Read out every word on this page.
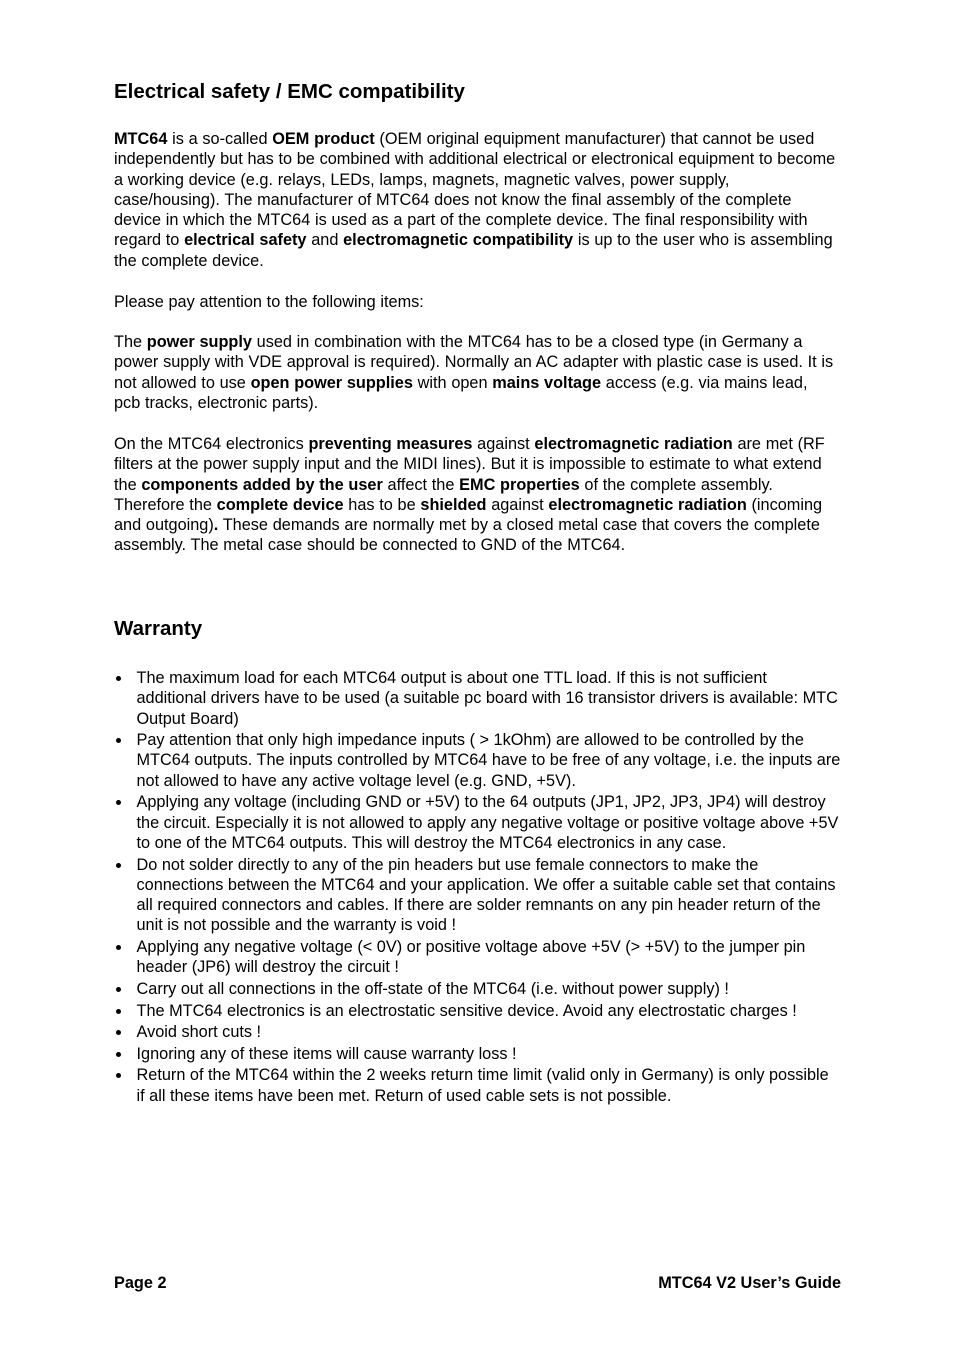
Electrical safety / EMC compatibility

MTC64 is a so-called OEM product (OEM original equipment manufacturer) that cannot be used independently but has to be combined with additional electrical or electronical equipment to become a working device (e.g. relays, LEDs, lamps, magnets, magnetic valves, power supply, case/housing). The manufacturer of MTC64 does not know the final assembly of the complete device in which the MTC64 is used as a part of the complete device. The final responsibility with regard to electrical safety and electromagnetic compatibility is up to the user who is assembling the complete device.

Please pay attention to the following items:

The power supply used in combination with the MTC64 has to be a closed type (in Germany a power supply with VDE approval is required). Normally an AC adapter with plastic case is used. It is not allowed to use open power supplies with open mains voltage access (e.g. via mains lead, pcb tracks, electronic parts).

On the MTC64 electronics preventing measures against electromagnetic radiation are met (RF filters at the power supply input and the MIDI lines). But it is impossible to estimate to what extend the components added by the user affect the EMC properties of the complete assembly. Therefore the complete device has to be shielded against electromagnetic radiation (incoming and outgoing). These demands are normally met by a closed metal case that covers the complete assembly. The metal case should be connected to GND of the MTC64.

Warranty
The maximum load for each MTC64 output is about one TTL load. If this is not sufficient additional drivers have to be used (a suitable pc board with 16 transistor drivers is available: MTC Output Board)
Pay attention that only high impedance inputs ( > 1kOhm) are allowed to be controlled by the MTC64 outputs. The inputs controlled by MTC64 have to be free of any voltage, i.e. the inputs are not allowed to have any active voltage level (e.g. GND, +5V).
Applying any voltage (including GND or +5V) to the 64 outputs (JP1, JP2, JP3, JP4) will destroy the circuit. Especially it is not allowed to apply any negative voltage or positive voltage above +5V to one of the MTC64 outputs. This will destroy the MTC64 electronics in any case.
Do not solder directly to any of the pin headers but use female connectors to make the connections between the MTC64 and your application. We offer a suitable cable set that contains all required connectors and cables. If there are solder remnants on any pin header return of the unit is not possible and the warranty is void !
Applying any negative voltage (< 0V) or positive voltage above +5V (> +5V) to the jumper pin header (JP6) will destroy the circuit !
Carry out all connections in the off-state of the MTC64 (i.e. without power supply) !
The MTC64 electronics is an electrostatic sensitive device. Avoid any electrostatic charges !
Avoid short cuts !
Ignoring any of these items will cause warranty loss !
Return of the MTC64 within the 2 weeks return time limit (valid only in Germany) is only possible if all these items have been met. Return of used cable sets is not possible.
Page 2	MTC64 V2 User’s Guide
